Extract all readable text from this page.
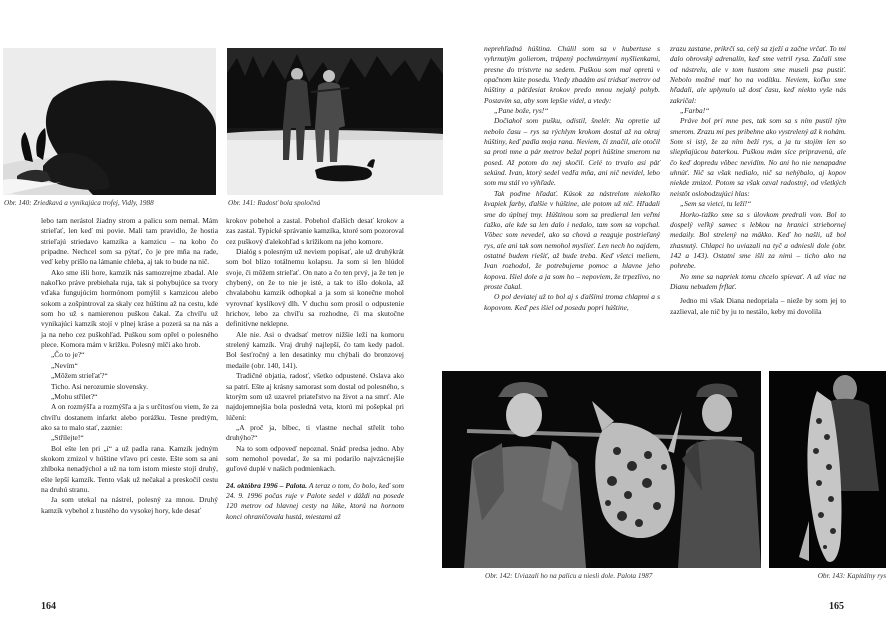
Obr. 140: Zriedkavá a vynikajúca trofej, Vidly, 1988	Obr. 141: Radosť bola spoločná

lebo tam nerástol žiadny strom a palicu som nemal. Mám strieľať, len keď mi povie. Mali tam pravidlo, že hostia strieľajú striedavo kamzíka a kamzicu – na koho čo pripadne. Nechcel som sa pýtať, čo je pre mňa na rade, veď keby prišlo na lámanie chleba, aj tak to bude na nič.

Ako sme išli hore, kamzík nás samozrejme zbadal. Ale nakoľko práve prebiehala ruja, tak si pohybujúce sa tvory vďaka fungujúcim hormónom pomýlil s kamzicou alebo sokom a zošpintroval za skaly cez húštinu až na cestu, kde som ho už s namierenou puškou čakal. Za chvíľu už vynikajúci kamzík stojí v plnej kráse a pozerá sa na nás a ja na neho cez puškohľad. Puškou som opřel o polesného plece. Komora mám v krížku. Polesný mlčí ako hrob.

„Čo to je?“

„Nevím“

„Môžem strieľať?“

Ticho. Asi nerozumie slovensky.

„Mohu střílet?“

A on rozmýšľa a rozmýšľa a ja s určitosťou viem, že za chvíľu dostanem infarkt alebo porážku. Tesne predtým, ako sa to malo stať, zaznie:

„Střílejte!“

Bol ešte len pri „í“ a už padla rana. Kamzík jedným skokom zmizol v húštine vľavo pri ceste. Ešte som sa ani zhlboka nenadýchol a už na tom istom mieste stojí druhý, ešte lepší kamzík. Tento však už nečakal a preskočil cestu na druhú stranu.

Ja som utekal na nástrel, polesný za mnou. Druhý kamzík vybehol z hustého do vysokej hory, kde desať

krokov pobehol a zastal. Pobehol ďalších desať krokov a zas zastal. Typické správanie kamzíka, ktoré som pozoroval cez puškový ďalekohľad s krížikom na jeho komore.

Dialóg s polesným už neviem popísať, ale už druhýkrát som bol blízo totálnemu kolapsu. Ja som si len hlúdol svoje, či môžem strieľať. On nato a čo ten prvý, ja že ten je chybený, on že to nie je isté, a tak to išlo dokola, až chvalabohu kamzík odhopkal a ja som si konečne mohol vyrovnať kyslíkový dlh. V duchu som prosil o odpustenie hrichov, lebo za chvíľu sa rozhodne, či ma skutočne definitívne neklepne.

Ale nie. Asi o dvadsať metrov nižšie leží na komoru strelený kamzík. Vraj druhý najlepší, čo tam kedy padol. Bol šesťročný a len desatinky mu chýbali do bronzovej medaile (obr. 140, 141).

Tradičné objatia, radosť, všetko odpustené. Oslava ako sa patrí. Ešte aj krásny samorast som dostal od polesného, s ktorým som už uzavrel priateľstvo na život a na smrť. Ale najdojemnejšia bola posledná veta, ktorú mi pošepkal pri lúčení:

„A proč ja, blbec, ti vlastne nechal střelit toho druhýho?“

Na to som odpoveď nepoznal. Snáď predsa jedno. Aby som nemohol povedať, že sa mi podarilo najvzácnejšie guľové duplé v našich podmienkach.

24. októbra 1996 – Palota. A teraz o tom, čo bolo, keď som 24. 9. 1996 počas ruje v Palote sedel v dáždi na posede 120 metrov od hlavnej cesty na lúke, ktorú na hornom konci ohraničovala hustá, miestami až

164

neprehľadná húština. Chúlil som sa v hubertuse s vyhrnutým golierom, trápený pochmúrnymi myšlienkami, presne do tristvrte na sedem. Puškou som mal opretú v opačnom kúte posedu. Vtedy zbadám asi tridsať metrov od húštiny a päťdesiat krokov predo mnou nejaký pohyb. Postavím sa, aby som lepšie videl, a vtedy:

„Pane bože, rys!“

Dočiahol som pušku, odistil, šnelér. Na opretie už nebolo času – rys sa rýchlym krokom dostal až na okraj húštiny, keď padla moja rana. Neviem, či značil, ale otočil sa proti mne a pár metrov bežal popri húštine smerom na posed. Až potom do nej skočil. Celé to trvalo asi päť sekúnd. Ivan, ktorý sedel vedľa mňa, ani nič nevidel, lebo som mu stál vo výhľade.

Tak poďme hľadať. Kúsok za nástrelom niekoľko kvapiek farby, ďalšie v húštine, ale potom už nič. Hľadali sme do úplnej tmy. Húštinou som sa predieral len veľmi ťažko, ale kde sa len dalo i nedalo, tam som sa vopchal. Vôbec som nevedel, ako sa chová a reaguje postrieľaný rys, ale ani tak som nemohol myslieť. Len nech ho najdem, ostatné budem riešiť, až bude treba. Keď všetci meliem, Ivan rozhodol, že potrebujeme pomoc a hlavne jeho kopova. Išiel dole a ja som ho – nepoviem, že trpezlivo, no proste čakal.

O pol deviatej už to bol aj s ďalšími troma chlapmi a s kopovom. Keď pes išiel od posedu popri húštine,

zrazu zastane, prikrčí sa, celý sa zježí a začne vrčať. To mi dalo obrovský adrenalín, keď sme vetril rysa. Začali sme od nástrelu, ale v tom hustom sme museli psa pustiť. Nebolo možné mať ho na vodítku. Neviem, koľko sme hľadali, ale uplynulo už dosť času, keď niekto vyše nás zakričal:

„Farba!“

Práve bol pri mne pes, tak som sa s ním pustil tým smerom. Zrazu mi pes pribehne ako vystrelený až k nohám. Som si istý, že za ním beží rys, a ja tu stojím len so sliepňajúcou baterkou. Puškou mám síce pripravenú, ale čo keď dopredu vôbec nevidím. No ani ho nie nenapadne uhnúť. Nič sa však nedialo, nič sa nehýbalo, aj kopov niekde zmizol. Potom sa však ozval radostný, od všetkých neistôt oslobodzujúci hlas:

„Sem sa vietci, tu leží!“

Horko-ťažko sme sa s úlovkom predrali von. Bol to dospelý veľký samec s lebkou na hranici striebornej medaily. Bol strelený na mäkko. Keď ho našli, už bol zhasnutý. Chlapci ho uviazali na tyč a odniesli dole (obr. 142 a 143). Ostatní sme išli za nimi – ticho ako na pohrebe.

No mne sa napriek tomu chcelo spievať. A už viac na Dianu nebudem frflať.

Jedno mi však Diana nedopriala – nieže by som jej to zazlieval, ale nič by ju to nestálo, keby mi dovolila

Obr. 142: Uviazali ho na palicu a niesli dole. Palota 1987	Obr. 143: Kapitálny rys
165
